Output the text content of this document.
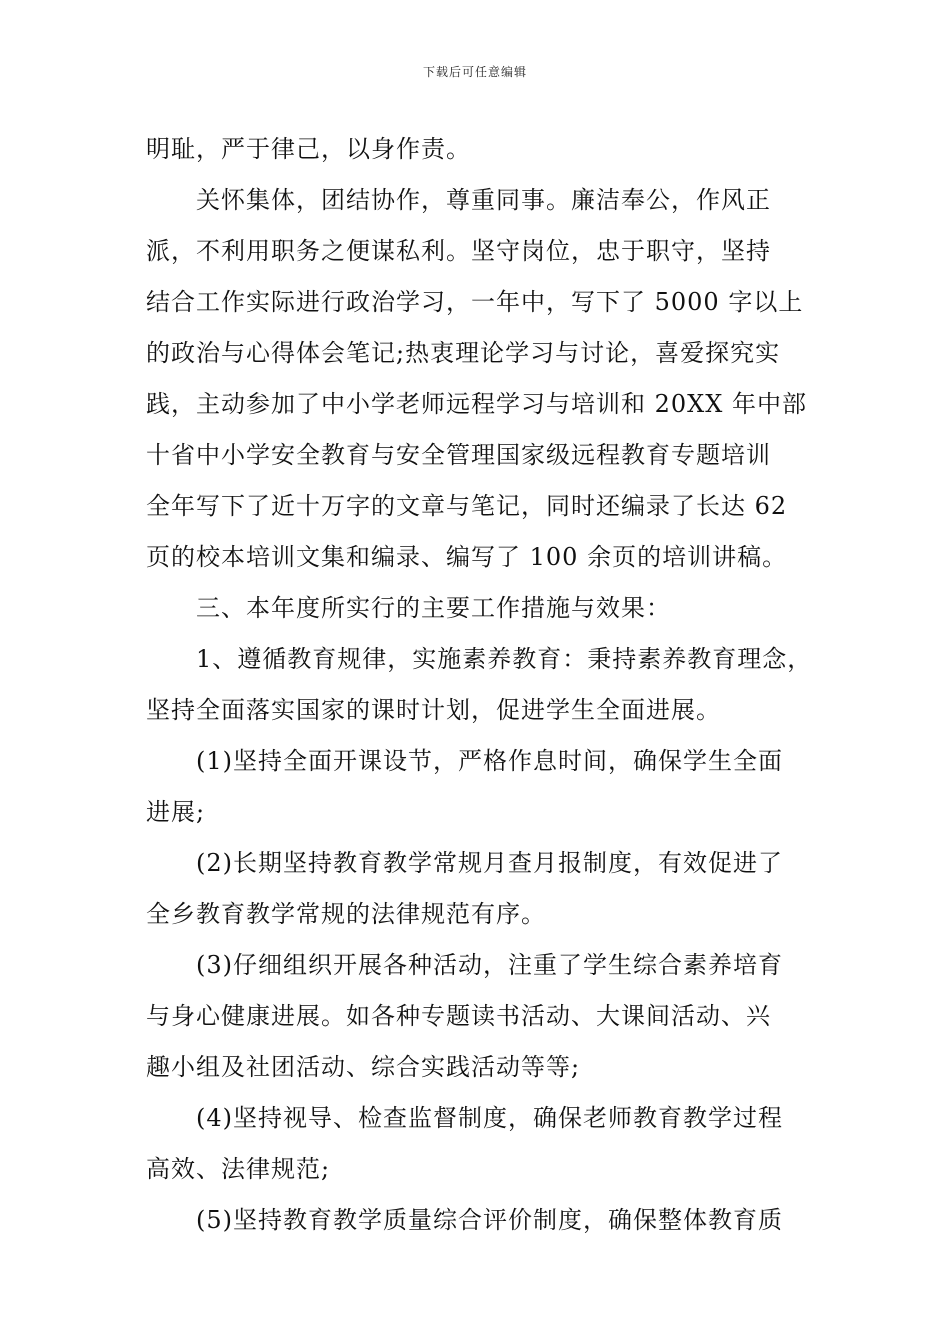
下载后可任意编辑
明耻，严于律己，以身作责。
关怀集体，团结协作，尊重同事。廉洁奉公，作风正
派，不利用职务之便谋私利。坚守岗位，忠于职守，坚持
结合工作实际进行政治学习，一年中，写下了 5000 字以上
的政治与心得体会笔记;热衷理论学习与讨论，喜爱探究实
践，主动参加了中小学老师远程学习与培训和 20XX 年中部
十省中小学安全教育与安全管理国家级远程教育专题培训
全年写下了近十万字的文章与笔记，同时还编录了长达 62
页的校本培训文集和编录、编写了 100 余页的培训讲稿。
三、本年度所实行的主要工作措施与效果：
1、遵循教育规律，实施素养教育：秉持素养教育理念，
坚持全面落实国家的课时计划，促进学生全面进展。
(1)坚持全面开课设节，严格作息时间，确保学生全面
进展;
(2)长期坚持教育教学常规月查月报制度，有效促进了
全乡教育教学常规的法律规范有序。
(3)仔细组织开展各种活动，注重了学生综合素养培育
与身心健康进展。如各种专题读书活动、大课间活动、兴
趣小组及社团活动、综合实践活动等等;
(4)坚持视导、检查监督制度，确保老师教育教学过程
高效、法律规范;
(5)坚持教育教学质量综合评价制度，确保整体教育质
